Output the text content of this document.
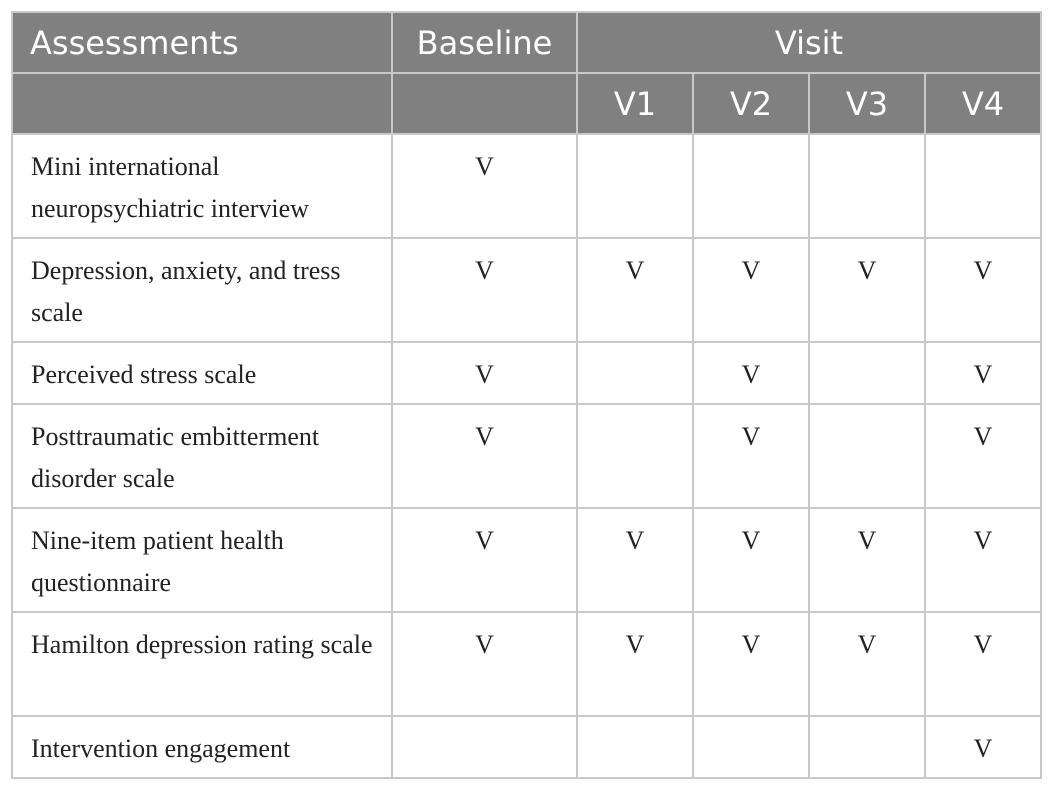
Assessments	Baseline	Visit			
		V1	V2	V3	V4
Mini international neuropsychiatric interview	V				
Depression, anxiety, and tress scale	V	V	V	V	V
Perceived stress scale	V		V		V
Posttraumatic embitterment disorder scale	V		V		V
Nine-item patient health questionnaire	V	V	V	V	V
Hamilton depression rating scale	V	V	V	V	V
Intervention engagement					V
